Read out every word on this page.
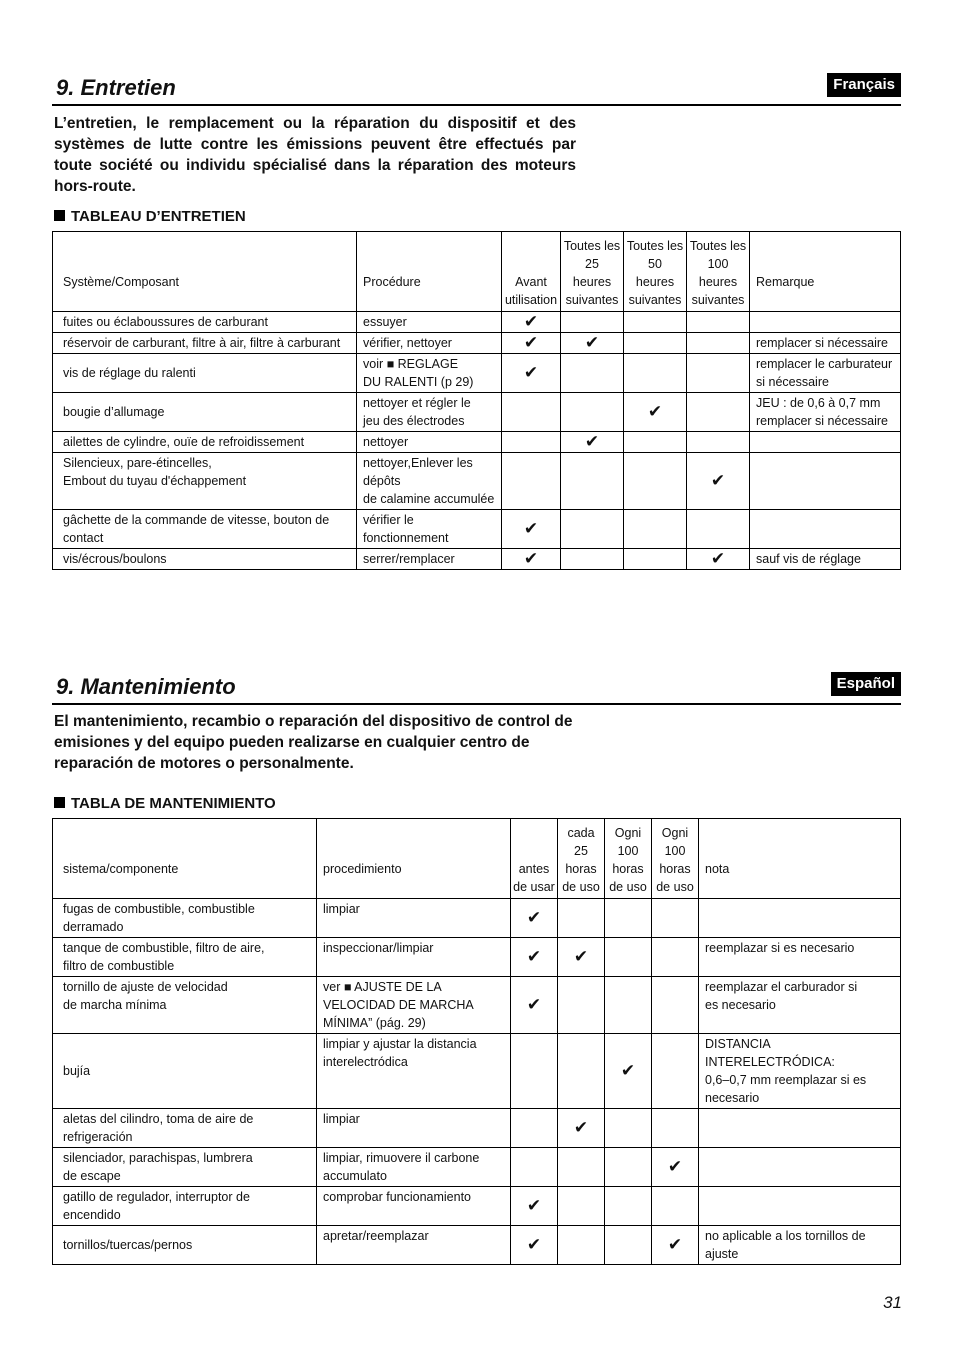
9. Entretien	Français
L’entretien, le remplacement ou la réparation du dispositif et des systèmes de lutte contre les émissions peuvent être effectués par toute société ou individu spécialisé dans la réparation des moteurs hors-route.
TABLEAU D’ENTRETIEN
Système/Composant	Procédure	Avant
utilisation	Toutes les
25
heures
suivantes	Toutes les
50
heures
suivantes	Toutes les
100
heures
suivantes	Remarque
fuites ou éclaboussures de carburant	essuyer	✔				
réservoir de carburant, filtre à air, filtre à carburant	vérifier, nettoyer	✔	✔			remplacer si nécessaire
vis de réglage du ralenti	voir ■ REGLAGE
DU RALENTI (p 29)	✔				remplacer le carburateur
si nécessaire
bougie d’allumage	nettoyer et régler le
jeu des électrodes			✔		JEU : de 0,6 à 0,7 mm
remplacer si nécessaire
ailettes de cylindre, ouïe de refroidissement	nettoyer		✔			
Silencieux, pare-étincelles,
Embout du tuyau d'échappement	nettoyer,Enlever les dépôts
de calamine accumulée				✔	
gâchette de la commande de vitesse, bouton de contact	vérifier le fonctionnement	✔				
vis/écrous/boulons	serrer/remplacer	✔			✔	sauf vis de réglage
9. Mantenimiento	Español
El mantenimiento, recambio o reparación del dispositivo de control de emisiones y del equipo pueden realizarse en cualquier centro de reparación de motores o personalmente.
TABLA DE MANTENIMIENTO
sistema/componente	procedimiento	antes
de usar	cada
25
horas
de uso	Ogni
100
horas
de uso	Ogni
100
horas
de uso	nota
fugas de combustible, combustible derramado	limpiar	✔				
tanque de combustible, filtro de aire,
filtro de combustible	inspeccionar/limpiar	✔	✔			reemplazar si es necesario
tornillo de ajuste de velocidad
de marcha mínima	ver ■ AJUSTE DE LA
VELOCIDAD DE MARCHA
MÍNIMA” (pág. 29)	✔				reemplazar el carburador si
es necesario
bujía	limpiar y ajustar la distancia
interelectródica			✔		DISTANCIA INTERELECTRÓDICA:
0,6–0,7 mm reemplazar si es necesario
aletas del cilindro, toma de aire de
refrigeración	limpiar		✔			
silenciador, parachispas, lumbrera
de escape	limpiar, rimuovere il carbone
accumulato				✔	
gatillo de regulador, interruptor de encendido	comprobar funcionamiento	✔				
tornillos/tuercas/pernos	apretar/reemplazar	✔			✔	no aplicable a los tornillos de ajuste
31
